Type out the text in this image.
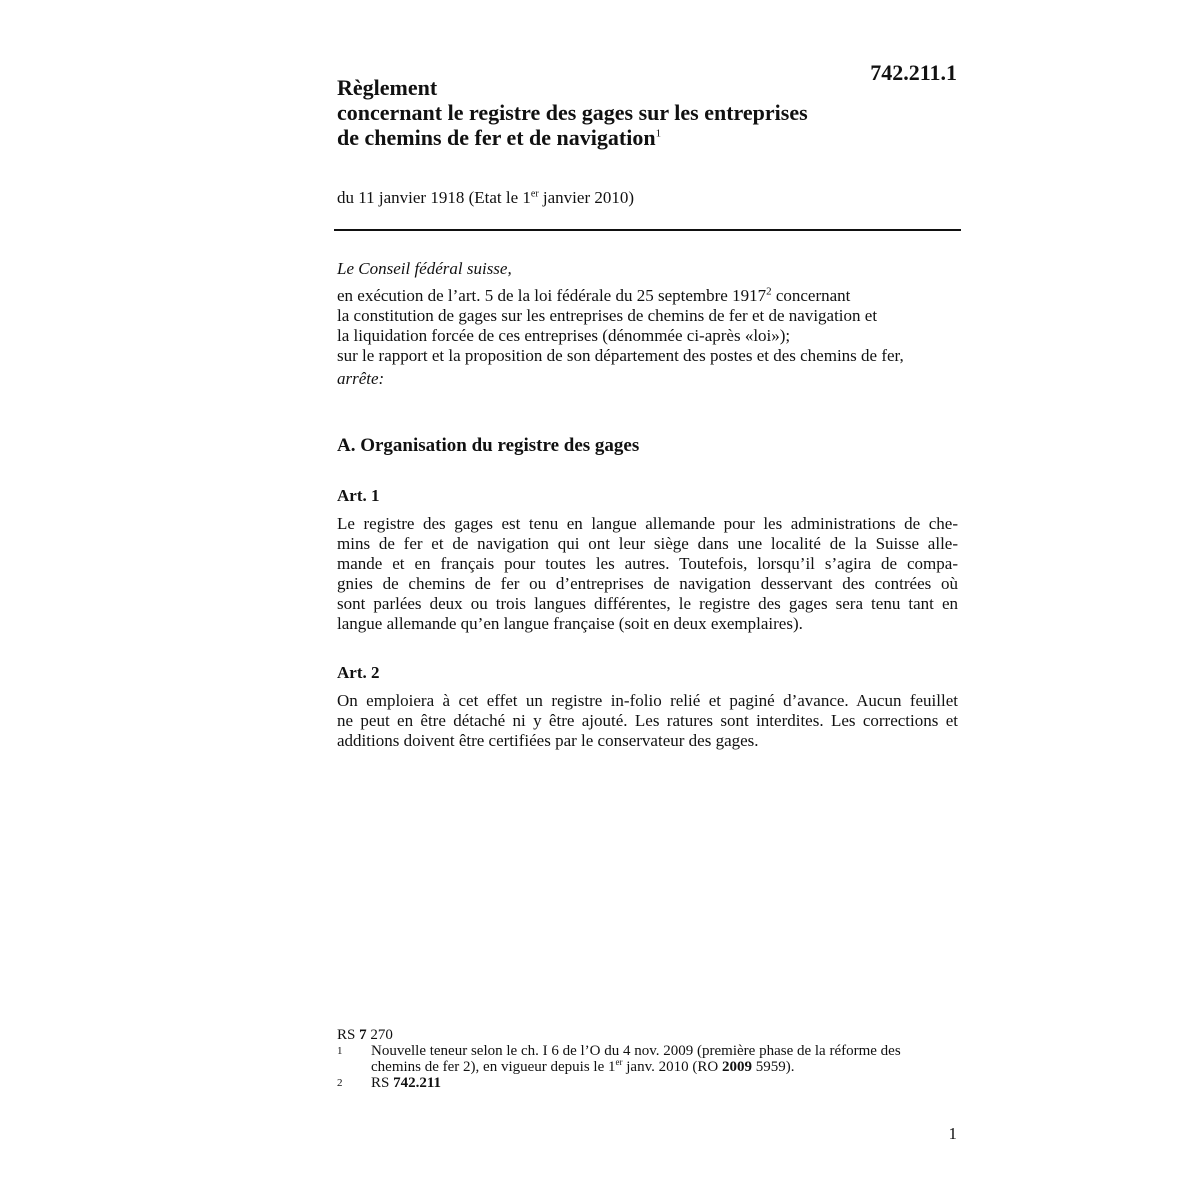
742.211.1
Règlement
concernant le registre des gages sur les entreprises
de chemins de fer et de navigation$^1$
du 11 janvier 1918 (Etat le 1er janvier 2010)
Le Conseil fédéral suisse,
en exécution de l’art. 5 de la loi fédérale du 25 septembre 1917$^2$ concernant
la constitution de gages sur les entreprises de chemins de fer et de navigation et
la liquidation forcée de ces entreprises (dénommée ci-après «loi»);
sur le rapport et la proposition de son département des postes et des chemins de fer,
arrête:
A. Organisation du registre des gages
Art. 1
Le registre des gages est tenu en langue allemande pour les administrations de che-
mins de fer et de navigation qui ont leur siège dans une localité de la Suisse alle-
mande et en français pour toutes les autres. Toutefois, lorsqu’il s’agira de compa-
gnies de chemins de fer ou d’entreprises de navigation desservant des contrées où
sont parlées deux ou trois langues différentes, le registre des gages sera tenu tant en
langue allemande qu’en langue française (soit en deux exemplaires).
Art. 2
On emploiera à cet effet un registre in-folio relié et paginé d’avance. Aucun feuillet
ne peut en être détaché ni y être ajouté. Les ratures sont interdites. Les corrections et
additions doivent être certifiées par le conservateur des gages.
RS 7 270
1	Nouvelle teneur selon le ch. I 6 de l’O du 4 nov. 2009 (première phase de la réforme des
chemins de fer 2), en vigueur depuis le 1er janv. 2010 (RO 2009 5959).
2	RS 742.211
1
